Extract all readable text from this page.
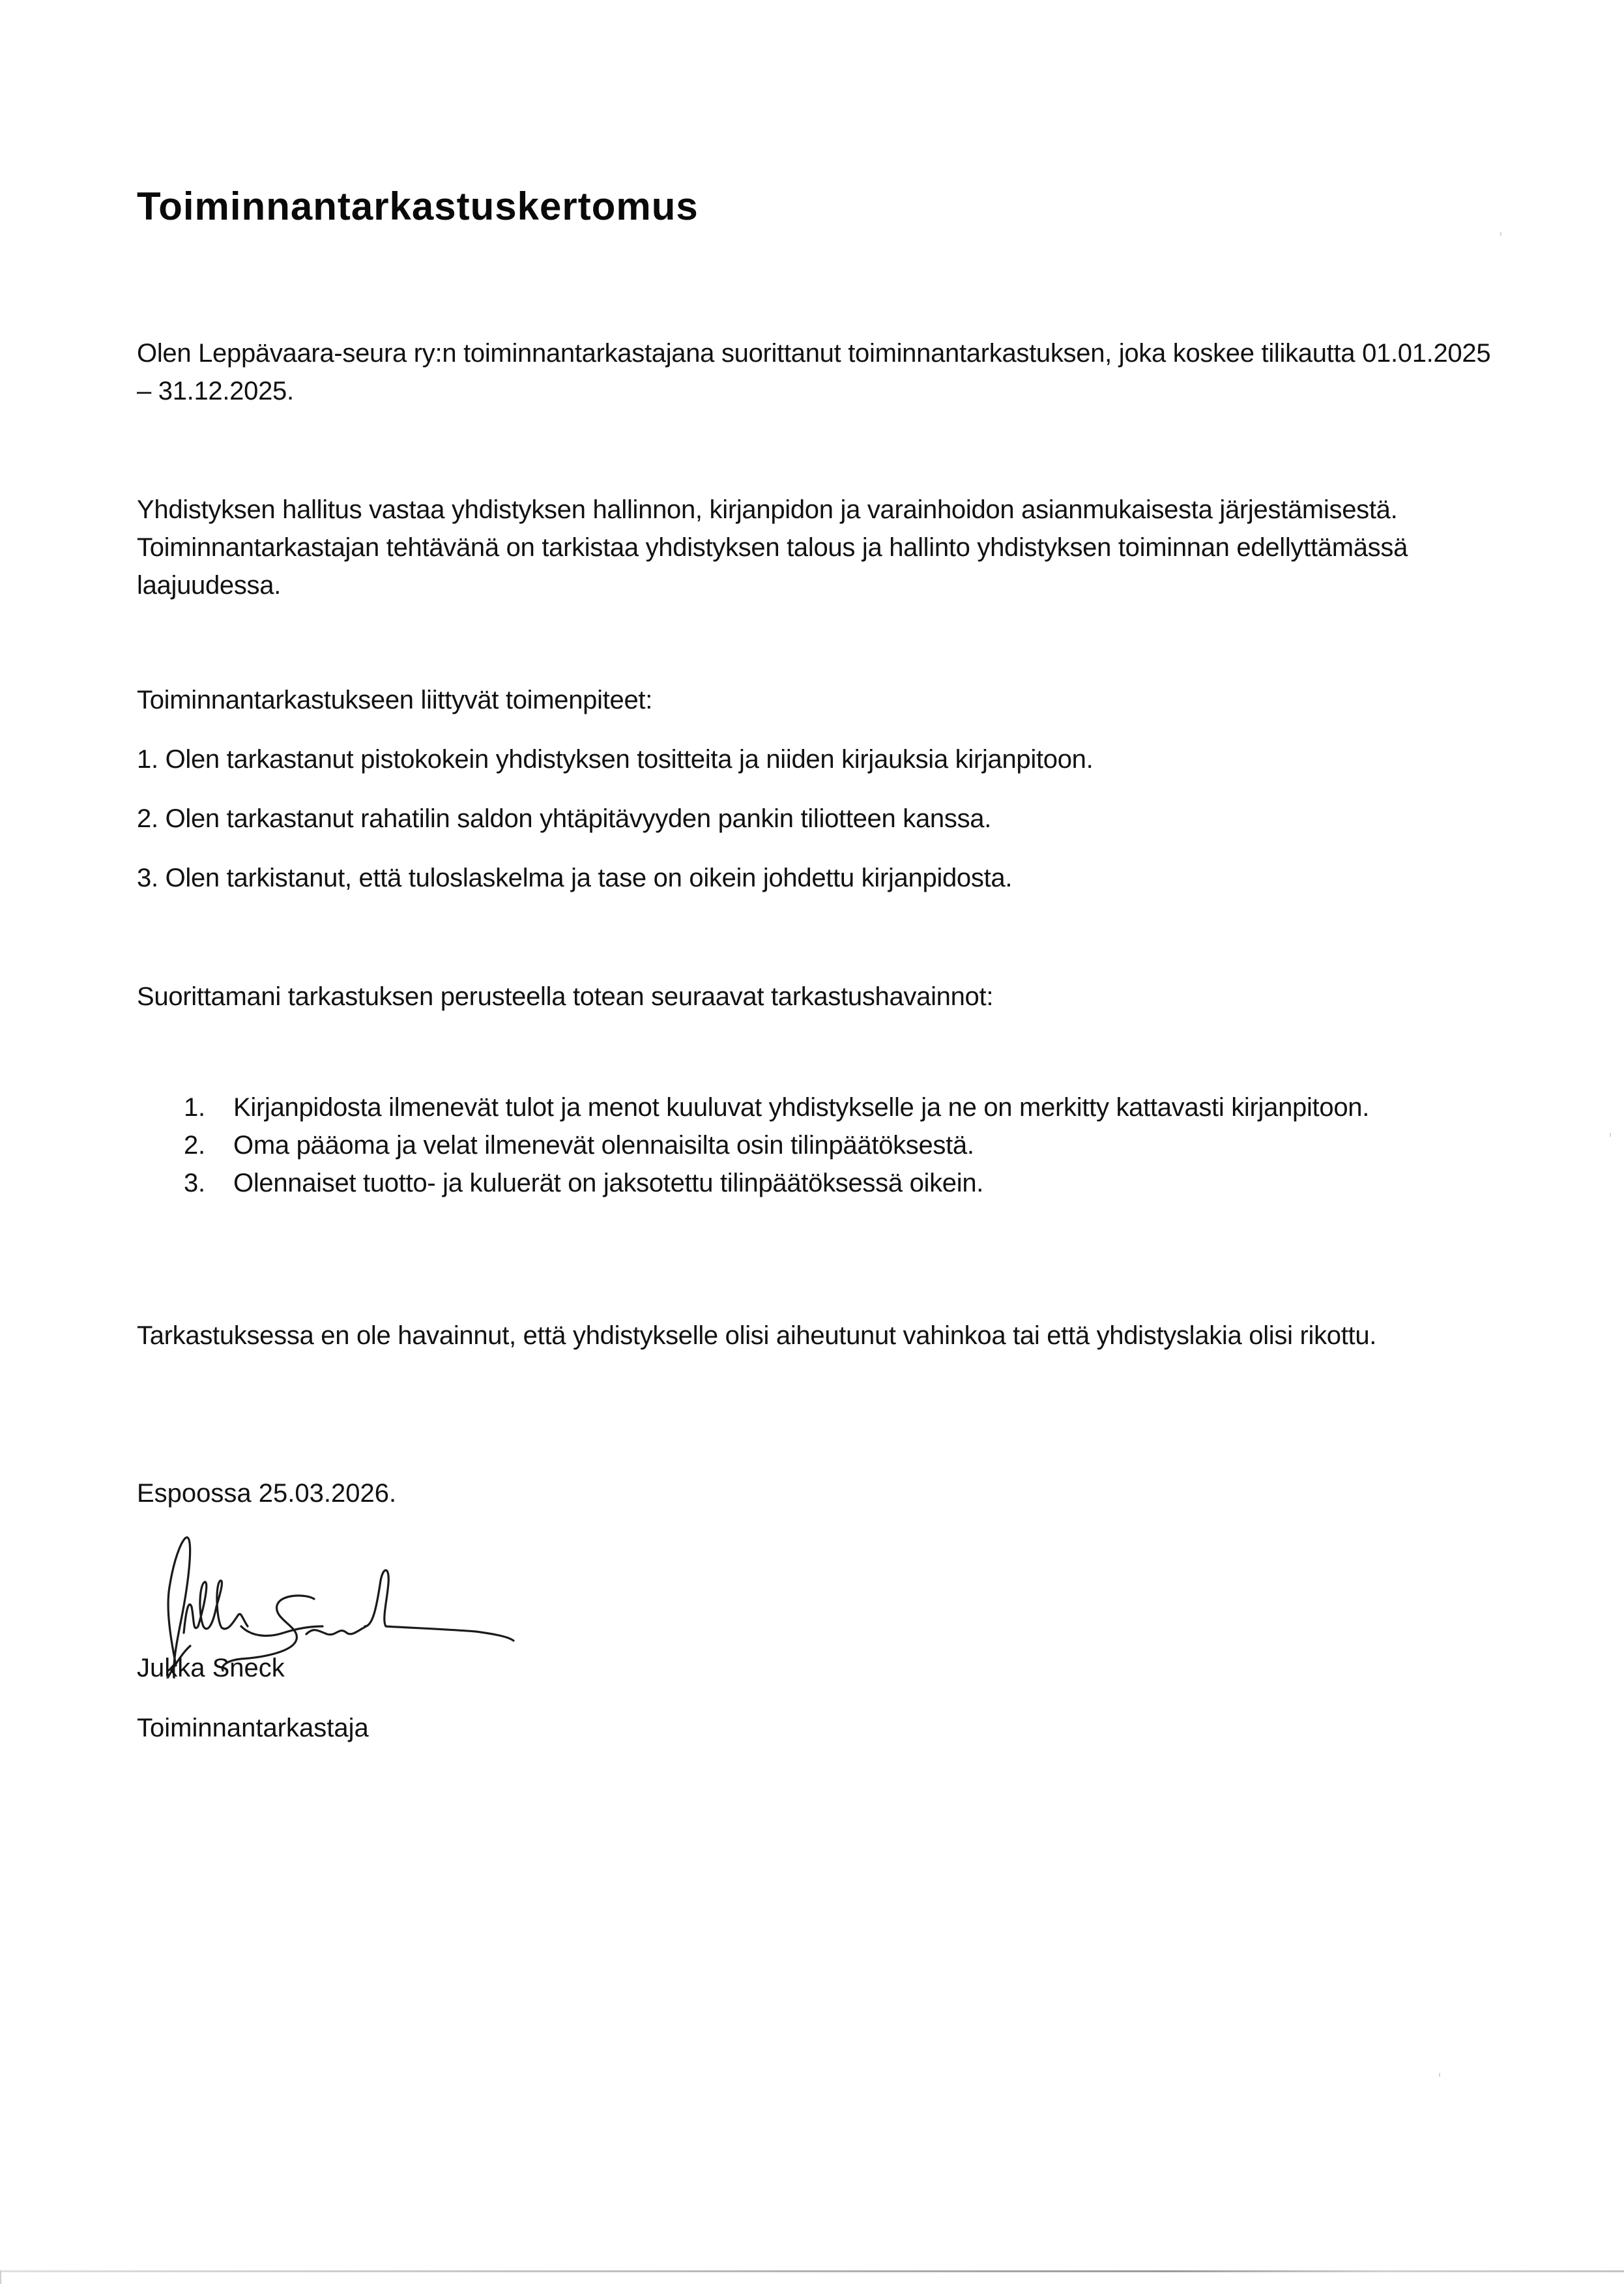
Toiminnantarkastuskertomus

Olen Leppävaara-seura ry:n toiminnantarkastajana suorittanut toiminnantarkastuksen, joka koskee tilikautta 01.01.2025 – 31.12.2025.

Yhdistyksen hallitus vastaa yhdistyksen hallinnon, kirjanpidon ja varainhoidon asianmukaisesta järjestämisestä. Toiminnantarkastajan tehtävänä on tarkistaa yhdistyksen talous ja hallinto yhdistyksen toiminnan edellyttämässä laajuudessa.

Toiminnantarkastukseen liittyvät toimenpiteet:

1. Olen tarkastanut pistokokein yhdistyksen tositteita ja niiden kirjauksia kirjanpitoon.

2. Olen tarkastanut rahatilin saldon yhtäpitävyyden pankin tiliotteen kanssa.

3. Olen tarkistanut, että tuloslaskelma ja tase on oikein johdettu kirjanpidosta.

Suorittamani tarkastuksen perusteella totean seuraavat tarkastushavainnot:

1. Kirjanpidosta ilmenevät tulot ja menot kuuluvat yhdistykselle ja ne on merkitty kattavasti kirjanpitoon.
2. Oma pääoma ja velat ilmenevät olennaisilta osin tilinpäätöksestä.
3. Olennaiset tuotto- ja kuluerät on jaksotettu tilinpäätöksessä oikein.

Tarkastuksessa en ole havainnut, että yhdistykselle olisi aiheutunut vahinkoa tai että yhdistyslakia olisi rikottu.

Espoossa 25.03.2026.

Jukka Sneck

Toiminnantarkastaja
